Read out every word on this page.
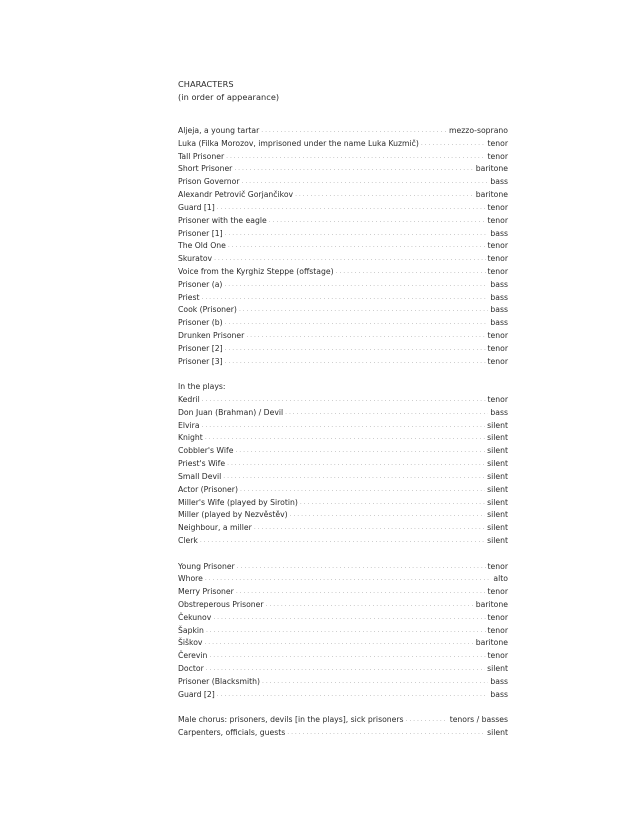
CHARACTERS

(in order of appearance)

Aljeja, a young tartar . . .	mezzo-soprano
Luka (Filka Morozov, imprisoned under the name Luka Kuzmič) . . .	tenor
Tall Prisoner . . .	tenor
Short Prisoner . . .	baritone
Prison Governor . . .	bass
Alexandr Petrovič Gorjančikov . . .	baritone
Guard [1] . . .	tenor
Prisoner with the eagle . . .	tenor
Prisoner [1] . . .	bass
The Old One . . .	tenor
Skuratov . . .	tenor
Voice from the Kyrghiz Steppe (offstage) . . .	tenor
Prisoner (a) . . .	bass
Priest . . .	bass
Cook (Prisoner) . . .	bass
Prisoner (b) . . .	bass
Drunken Prisoner . . .	tenor
Prisoner [2] . . .	tenor
Prisoner [3] . . .	tenor
In the plays:
Kedril . . .	tenor
Don Juan (Brahman) / Devil . . .	bass
Elvira . . .	silent
Knight . . .	silent
Cobbler's Wife . . .	silent
Priest's Wife . . .	silent
Small Devil . . .	silent
Actor (Prisoner) . . .	silent
Miller's Wife (played by Sirotin) . . .	silent
Miller (played by Nezvěstěv) . . .	silent
Neighbour, a miller . . .	silent
Clerk . . .	silent
Young Prisoner . . .	tenor
Whore . . .	alto
Merry Prisoner . . .	tenor
Obstreperous Prisoner . . .	baritone
Čekunov . . .	tenor
Šapkin . . .	tenor
Šiškov . . .	baritone
Čerevin . . .	tenor
Doctor . . .	silent
Prisoner (Blacksmith) . . .	bass
Guard [2] . . .	bass
Male chorus: prisoners, devils [in the plays], sick prisoners . . .	tenors / basses
Carpenters, officials, guests . . .	silent
